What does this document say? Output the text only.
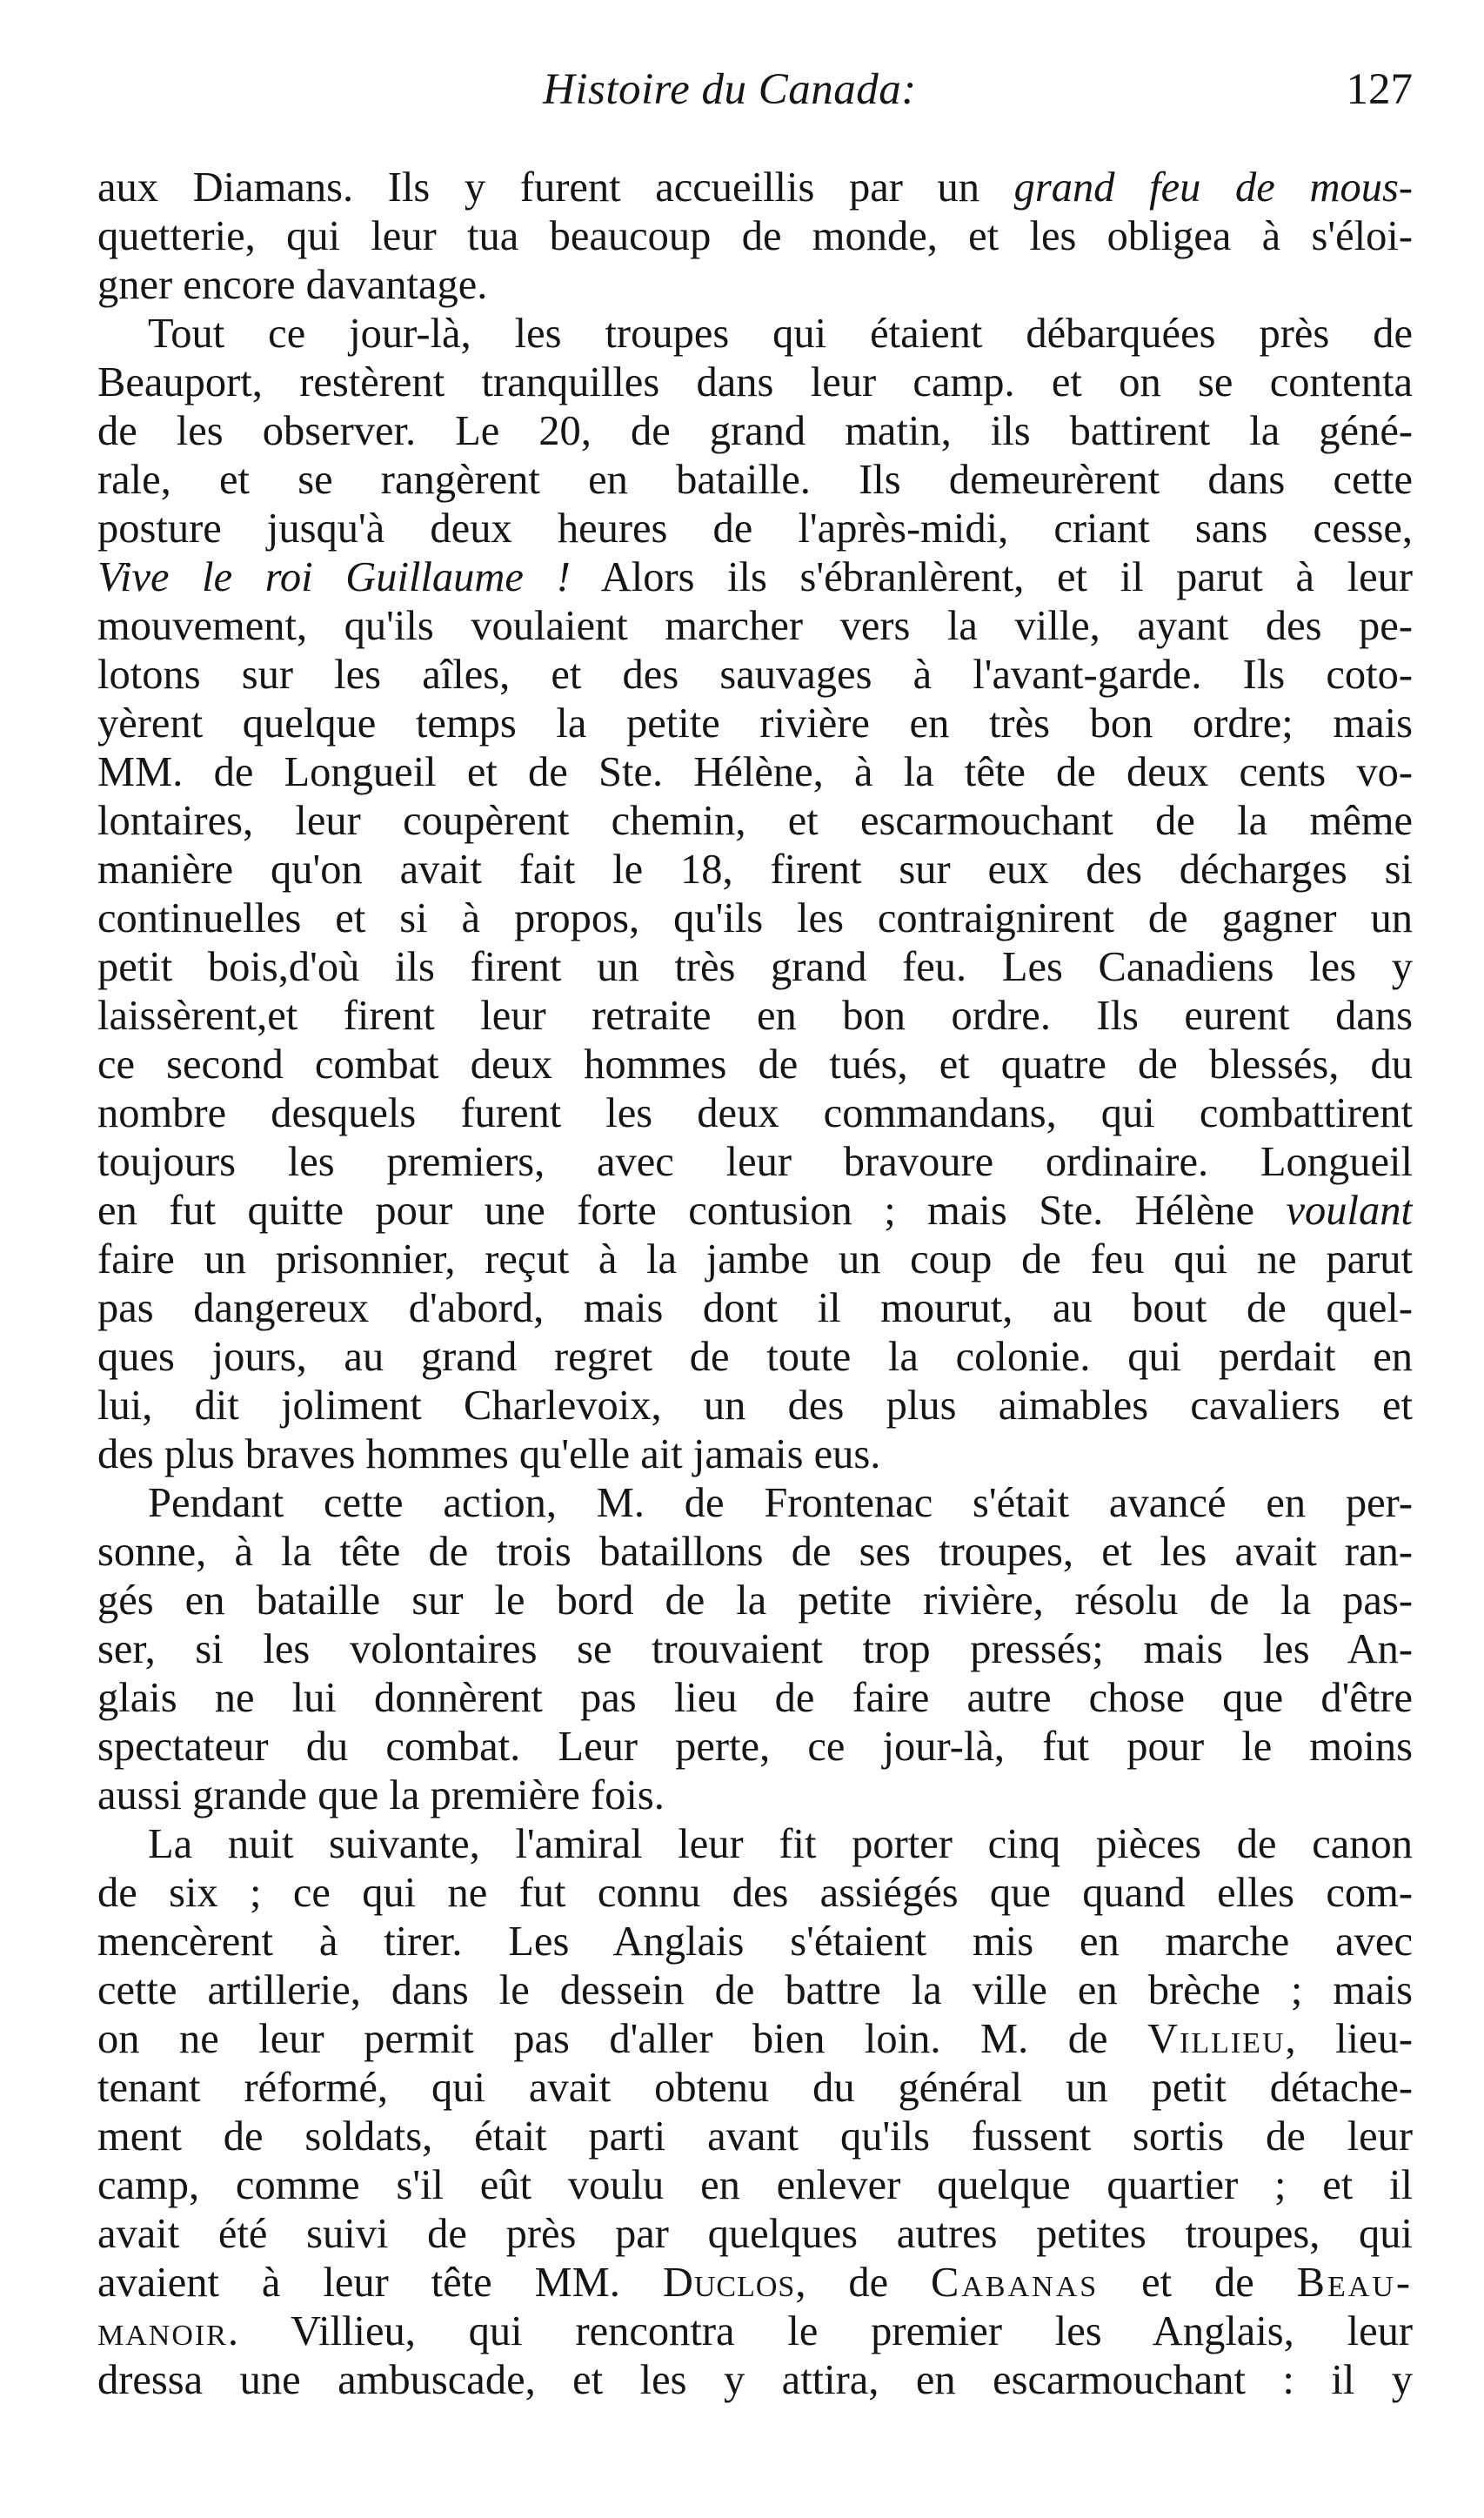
Histoire du Canada:	127
aux Diamans. Ils y furent accueillis par un grand feu de mous-
quetterie, qui leur tua beaucoup de monde, et les obligea à s'éloi-
gner encore davantage.
Tout ce jour-là, les troupes qui étaient débarquées près de
Beauport, restèrent tranquilles dans leur camp. et on se contenta
de les observer. Le 20, de grand matin, ils battirent la géné-
rale, et se rangèrent en bataille. Ils demeurèrent dans cette
posture jusqu'à deux heures de l'après-midi, criant sans cesse,
Vive le roi Guillaume ! Alors ils s'ébranlèrent, et il parut à leur
mouvement, qu'ils voulaient marcher vers la ville, ayant des pe-
lotons sur les aîles, et des sauvages à l'avant-garde. Ils coto-
yèrent quelque temps la petite rivière en très bon ordre; mais
MM. de Longueil et de Ste. Hélène, à la tête de deux cents vo-
lontaires, leur coupèrent chemin, et escarmouchant de la même
manière qu'on avait fait le 18, firent sur eux des décharges si
continuelles et si à propos, qu'ils les contraignirent de gagner un
petit bois,d'où ils firent un très grand feu. Les Canadiens les y
laissèrent,et firent leur retraite en bon ordre. Ils eurent dans
ce second combat deux hommes de tués, et quatre de blessés, du
nombre desquels furent les deux commandans, qui combattirent
toujours les premiers, avec leur bravoure ordinaire. Longueil
en fut quitte pour une forte contusion ; mais Ste. Hélène voulant
faire un prisonnier, reçut à la jambe un coup de feu qui ne parut
pas dangereux d'abord, mais dont il mourut, au bout de quel-
ques jours, au grand regret de toute la colonie. qui perdait en
lui, dit joliment Charlevoix, un des plus aimables cavaliers et
des plus braves hommes qu'elle ait jamais eus.
Pendant cette action, M. de Frontenac s'était avancé en per-
sonne, à la tête de trois bataillons de ses troupes, et les avait ran-
gés en bataille sur le bord de la petite rivière, résolu de la pas-
ser, si les volontaires se trouvaient trop pressés; mais les An-
glais ne lui donnèrent pas lieu de faire autre chose que d'être
spectateur du combat. Leur perte, ce jour-là, fut pour le moins
aussi grande que la première fois.
La nuit suivante, l'amiral leur fit porter cinq pièces de canon
de six ; ce qui ne fut connu des assiégés que quand elles com-
mencèrent à tirer. Les Anglais s'étaient mis en marche avec
cette artillerie, dans le dessein de battre la ville en brèche ; mais
on ne leur permit pas d'aller bien loin. M. de Villieu, lieu-
tenant réformé, qui avait obtenu du général un petit détache-
ment de soldats, était parti avant qu'ils fussent sortis de leur
camp, comme s'il eût voulu en enlever quelque quartier ; et il
avait été suivi de près par quelques autres petites troupes, qui
avaient à leur tête MM. Duclos, de Cabanas et de Beau-
manoir. Villieu, qui rencontra le premier les Anglais, leur
dressa une ambuscade, et les y attira, en escarmouchant : il y
